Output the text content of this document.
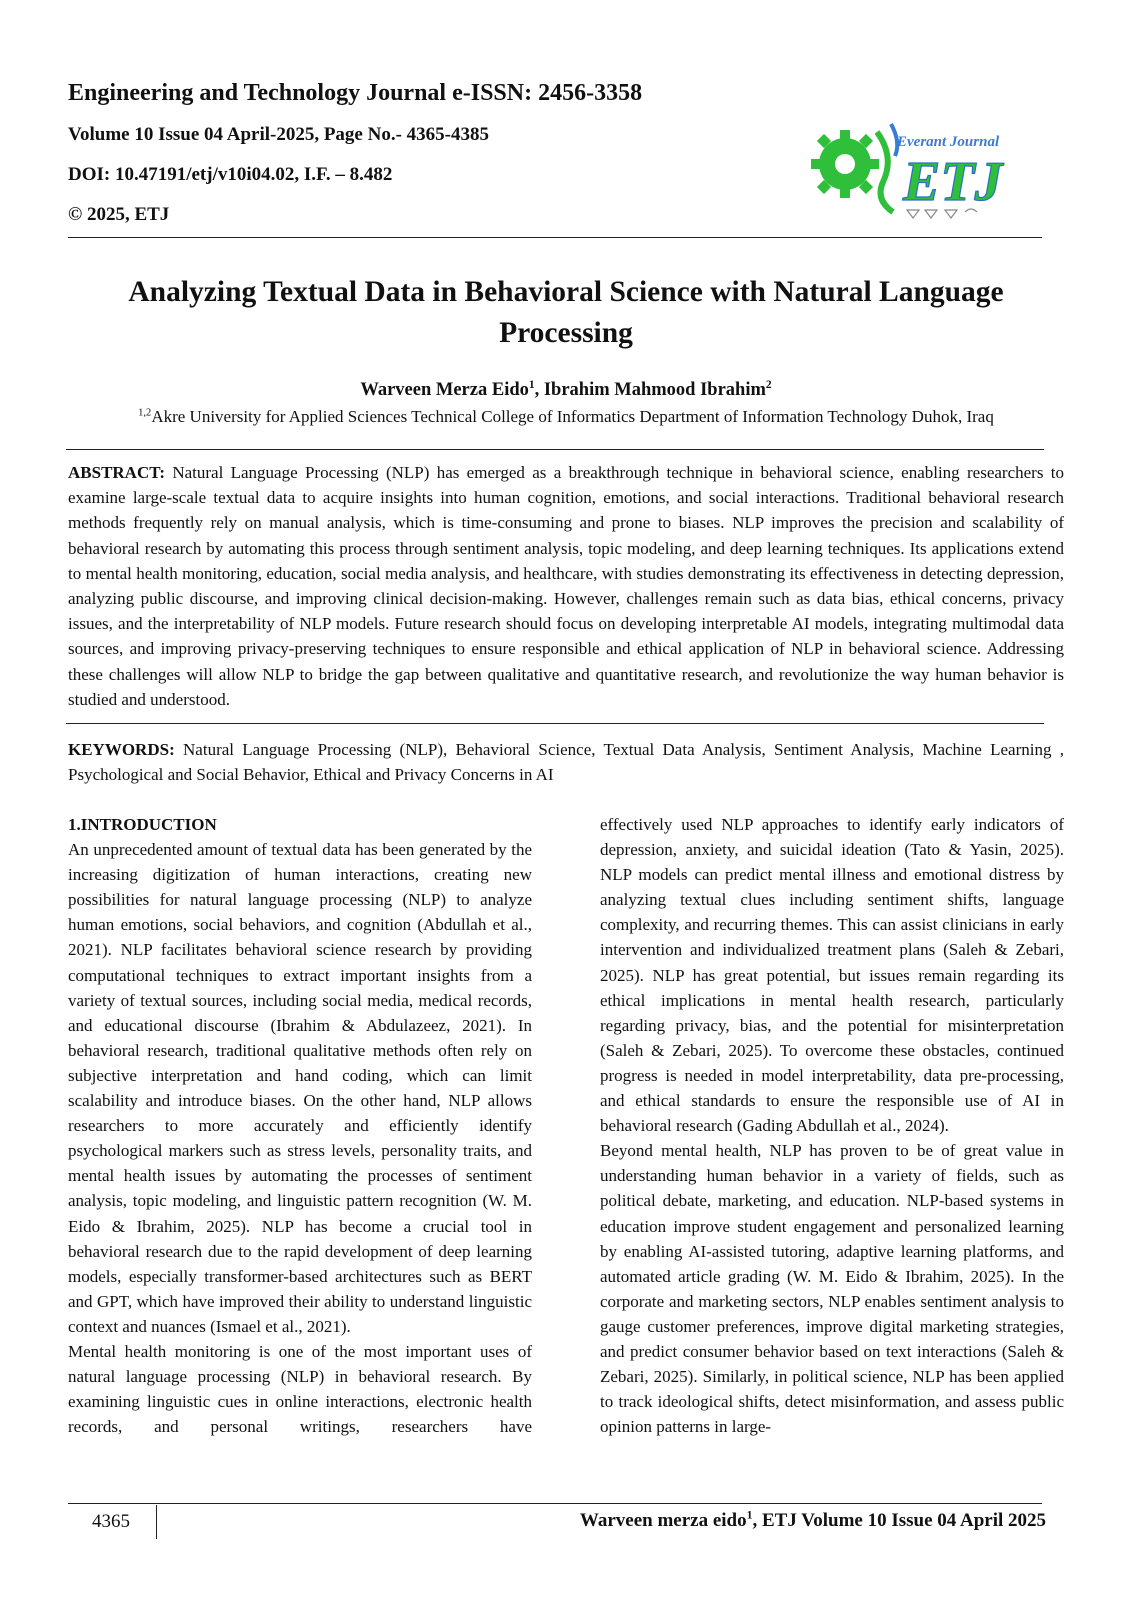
Engineering and Technology Journal e-ISSN: 2456-3358
Volume 10 Issue 04 April-2025, Page No.- 4365-4385
DOI: 10.47191/etj/v10i04.02, I.F. – 8.482
© 2025, ETJ
Everant Journal
ETJ
Analyzing Textual Data in Behavioral Science with Natural Language Processing
Warveen Merza Eido$^1$, Ibrahim Mahmood Ibrahim$^2$
$^{1,2}$Akre University for Applied Sciences Technical College of Informatics Department of Information Technology Duhok, Iraq
ABSTRACT: Natural Language Processing (NLP) has emerged as a breakthrough technique in behavioral science, enabling researchers to examine large-scale textual data to acquire insights into human cognition, emotions, and social interactions. Traditional behavioral research methods frequently rely on manual analysis, which is time-consuming and prone to biases. NLP improves the precision and scalability of behavioral research by automating this process through sentiment analysis, topic modeling, and deep learning techniques. Its applications extend to mental health monitoring, education, social media analysis, and healthcare, with studies demonstrating its effectiveness in detecting depression, analyzing public discourse, and improving clinical decision-making. However, challenges remain such as data bias, ethical concerns, privacy issues, and the interpretability of NLP models. Future research should focus on developing interpretable AI models, integrating multimodal data sources, and improving privacy-preserving techniques to ensure responsible and ethical application of NLP in behavioral science. Addressing these challenges will allow NLP to bridge the gap between qualitative and quantitative research, and revolutionize the way human behavior is studied and understood.
KEYWORDS: Natural Language Processing (NLP), Behavioral Science, Textual Data Analysis, Sentiment Analysis, Machine Learning , Psychological and Social Behavior, Ethical and Privacy Concerns in AI

1.INTRODUCTION

An unprecedented amount of textual data has been generated by the increasing digitization of human interactions, creating new possibilities for natural language processing (NLP) to analyze human emotions, social behaviors, and cognition (Abdullah et al., 2021). NLP facilitates behavioral science research by providing computational techniques to extract important insights from a variety of textual sources, including social media, medical records, and educational discourse (Ibrahim & Abdulazeez, 2021). In behavioral research, traditional qualitative methods often rely on subjective interpretation and hand coding, which can limit scalability and introduce biases. On the other hand, NLP allows researchers to more accurately and efficiently identify psychological markers such as stress levels, personality traits, and mental health issues by automating the processes of sentiment analysis, topic modeling, and linguistic pattern recognition (W. M. Eido & Ibrahim, 2025). NLP has become a crucial tool in behavioral research due to the rapid development of deep learning models, especially transformer-based architectures such as BERT and GPT, which have improved their ability to understand linguistic context and nuances (Ismael et al., 2021).

Mental health monitoring is one of the most important uses of natural language processing (NLP) in behavioral research. By examining linguistic cues in online interactions, electronic health records, and personal writings, researchers have

effectively used NLP approaches to identify early indicators of depression, anxiety, and suicidal ideation (Tato & Yasin, 2025). NLP models can predict mental illness and emotional distress by analyzing textual clues including sentiment shifts, language complexity, and recurring themes. This can assist clinicians in early intervention and individualized treatment plans (Saleh & Zebari, 2025). NLP has great potential, but issues remain regarding its ethical implications in mental health research, particularly regarding privacy, bias, and the potential for misinterpretation (Saleh & Zebari, 2025). To overcome these obstacles, continued progress is needed in model interpretability, data pre-processing, and ethical standards to ensure the responsible use of AI in behavioral research (Gading Abdullah et al., 2024).

Beyond mental health, NLP has proven to be of great value in understanding human behavior in a variety of fields, such as political debate, marketing, and education. NLP-based systems in education improve student engagement and personalized learning by enabling AI-assisted tutoring, adaptive learning platforms, and automated article grading (W. M. Eido & Ibrahim, 2025). In the corporate and marketing sectors, NLP enables sentiment analysis to gauge customer preferences, improve digital marketing strategies, and predict consumer behavior based on text interactions (Saleh & Zebari, 2025). Similarly, in political science, NLP has been applied to track ideological shifts, detect misinformation, and assess public opinion patterns in large-

4365	Warveen merza eido$^1$, ETJ Volume 10 Issue 04 April 2025
